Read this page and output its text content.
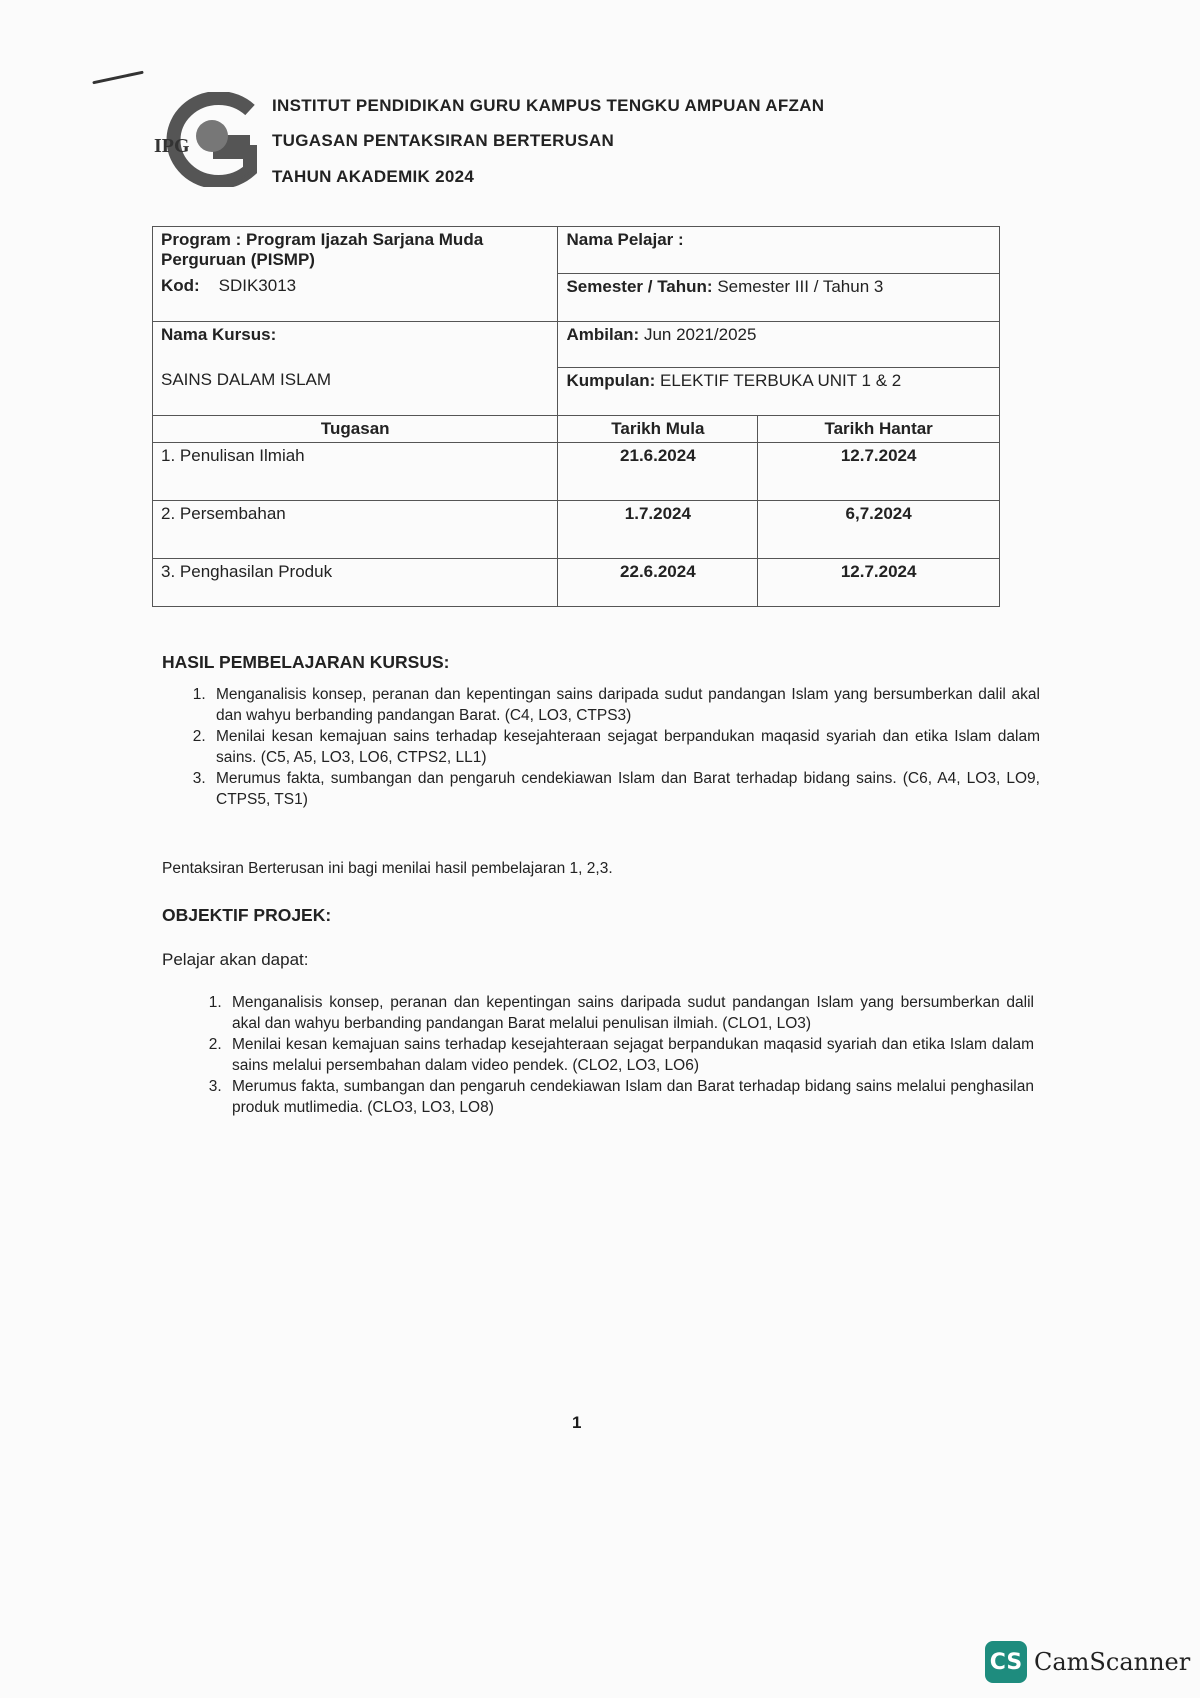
IPG
INSTITUT PENDIDIKAN GURU KAMPUS TENGKU AMPUAN AFZAN
TUGASAN PENTAKSIRAN BERTERUSAN
TAHUN AKADEMIK 2024
Program : Program Ijazah Sarjana Muda Perguruan (PISMP)	Nama Pelajar :	
Kod: SDIK3013	Semester / Tahun: Semester III / Tahun 3	
Nama Kursus:	Ambilan: Jun 2021/2025	
SAINS DALAM ISLAM	Kumpulan: ELEKTIF TERBUKA UNIT 1 & 2	
Tugasan	Tarikh Mula	Tarikh Hantar
1. Penulisan Ilmiah	21.6.2024	12.7.2024
2. Persembahan	1.7.2024	6,7.2024
3. Penghasilan Produk	22.6.2024	12.7.2024
HASIL PEMBELAJARAN KURSUS:
1. Menganalisis konsep, peranan dan kepentingan sains daripada sudut pandangan Islam yang bersumberkan dalil akal dan wahyu berbanding pandangan Barat. (C4, LO3, CTPS3)
2. Menilai kesan kemajuan sains terhadap kesejahteraan sejagat berpandukan maqasid syariah dan etika Islam dalam sains. (C5, A5, LO3, LO6, CTPS2, LL1)
3. Merumus fakta, sumbangan dan pengaruh cendekiawan Islam dan Barat terhadap bidang sains. (C6, A4, LO3, LO9, CTPS5, TS1)
Pentaksiran Berterusan ini bagi menilai hasil pembelajaran 1, 2,3.
OBJEKTIF PROJEK:
Pelajar akan dapat:
1. Menganalisis konsep, peranan dan kepentingan sains daripada sudut pandangan Islam yang bersumberkan dalil akal dan wahyu berbanding pandangan Barat melalui penulisan ilmiah. (CLO1, LO3)
2. Menilai kesan kemajuan sains terhadap kesejahteraan sejagat berpandukan maqasid syariah dan etika Islam dalam sains melalui persembahan dalam video pendek. (CLO2, LO3, LO6)
3. Merumus fakta, sumbangan dan pengaruh cendekiawan Islam dan Barat terhadap bidang sains melalui penghasilan produk mutlimedia. (CLO3, LO3, LO8)
1
CS CamScanner
